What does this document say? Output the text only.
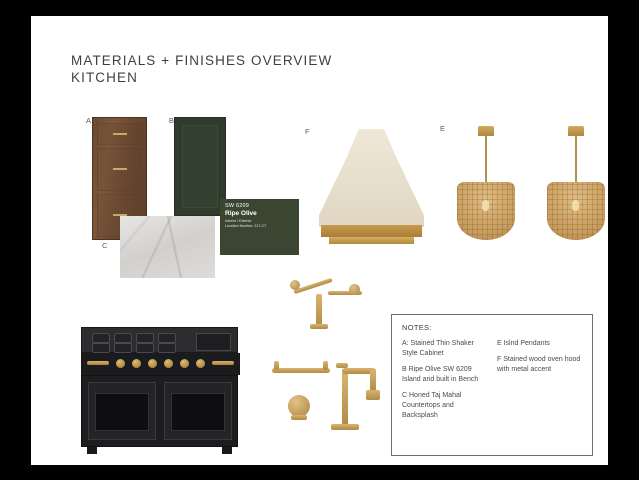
MATERIALS + FINISHES OVERVIEW
KITCHEN
A	B
C
F	E
SW 6209
Ripe Olive
Interior / Exterior
Location Number: 217-C7
NOTES:

A: Stained Thin Shaker Style Cabinet

B Ripe Olive SW 6209 Island and built in Bench

C Honed Taj Mahal Countertops and Backsplash

E Islnd Pendants

F Stained wood oven hood with metal accent
